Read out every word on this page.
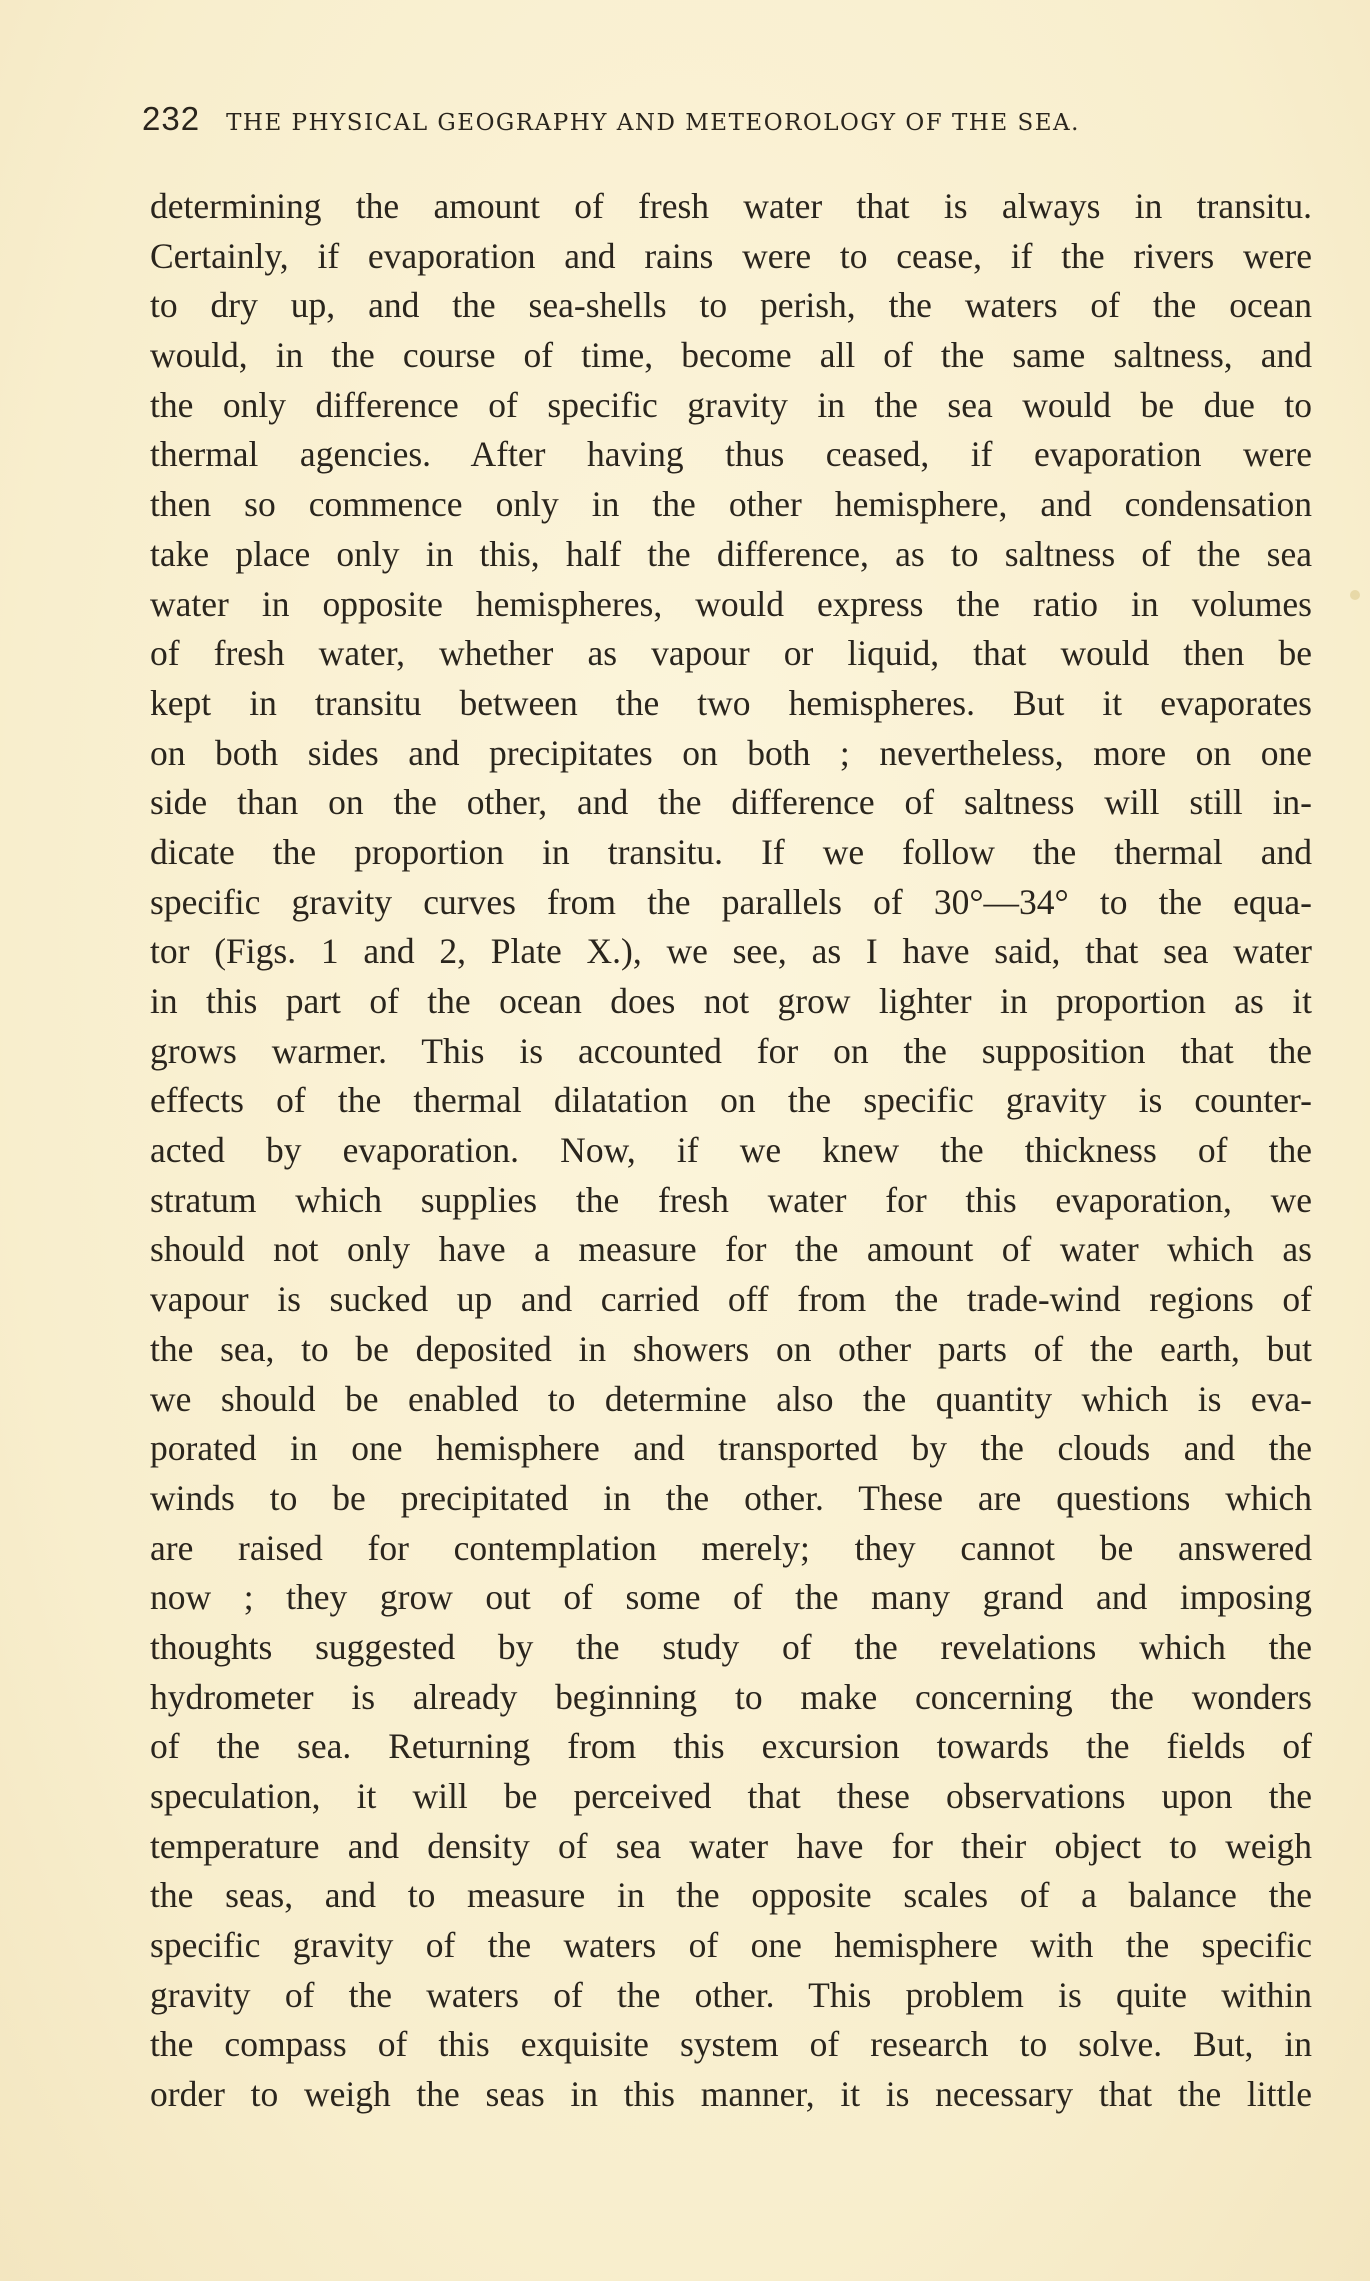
232 THE PHYSICAL GEOGRAPHY AND METEOROLOGY OF THE SEA.
determining the amount of fresh water that is always in transitu.
Certainly, if evaporation and rains were to cease, if the rivers were
to dry up, and the sea-shells to perish, the waters of the ocean
would, in the course of time, become all of the same saltness, and
the only difference of specific gravity in the sea would be due to
thermal agencies. After having thus ceased, if evaporation were
then so commence only in the other hemisphere, and condensation
take place only in this, half the difference, as to saltness of the sea
water in opposite hemispheres, would express the ratio in volumes
of fresh water, whether as vapour or liquid, that would then be
kept in transitu between the two hemispheres. But it evaporates
on both sides and precipitates on both ; nevertheless, more on one
side than on the other, and the difference of saltness will still in-
dicate the proportion in transitu. If we follow the thermal and
specific gravity curves from the parallels of 30°—34° to the equa-
tor (Figs. 1 and 2, Plate X.), we see, as I have said, that sea water
in this part of the ocean does not grow lighter in proportion as it
grows warmer. This is accounted for on the supposition that the
effects of the thermal dilatation on the specific gravity is counter-
acted by evaporation. Now, if we knew the thickness of the
stratum which supplies the fresh water for this evaporation, we
should not only have a measure for the amount of water which as
vapour is sucked up and carried off from the trade-wind regions of
the sea, to be deposited in showers on other parts of the earth, but
we should be enabled to determine also the quantity which is eva-
porated in one hemisphere and transported by the clouds and the
winds to be precipitated in the other. These are questions which
are raised for contemplation merely; they cannot be answered
now ; they grow out of some of the many grand and imposing
thoughts suggested by the study of the revelations which the
hydrometer is already beginning to make concerning the wonders
of the sea. Returning from this excursion towards the fields of
speculation, it will be perceived that these observations upon the
temperature and density of sea water have for their object to weigh
the seas, and to measure in the opposite scales of a balance the
specific gravity of the waters of one hemisphere with the specific
gravity of the waters of the other. This problem is quite within
the compass of this exquisite system of research to solve. But, in
order to weigh the seas in this manner, it is necessary that the little
